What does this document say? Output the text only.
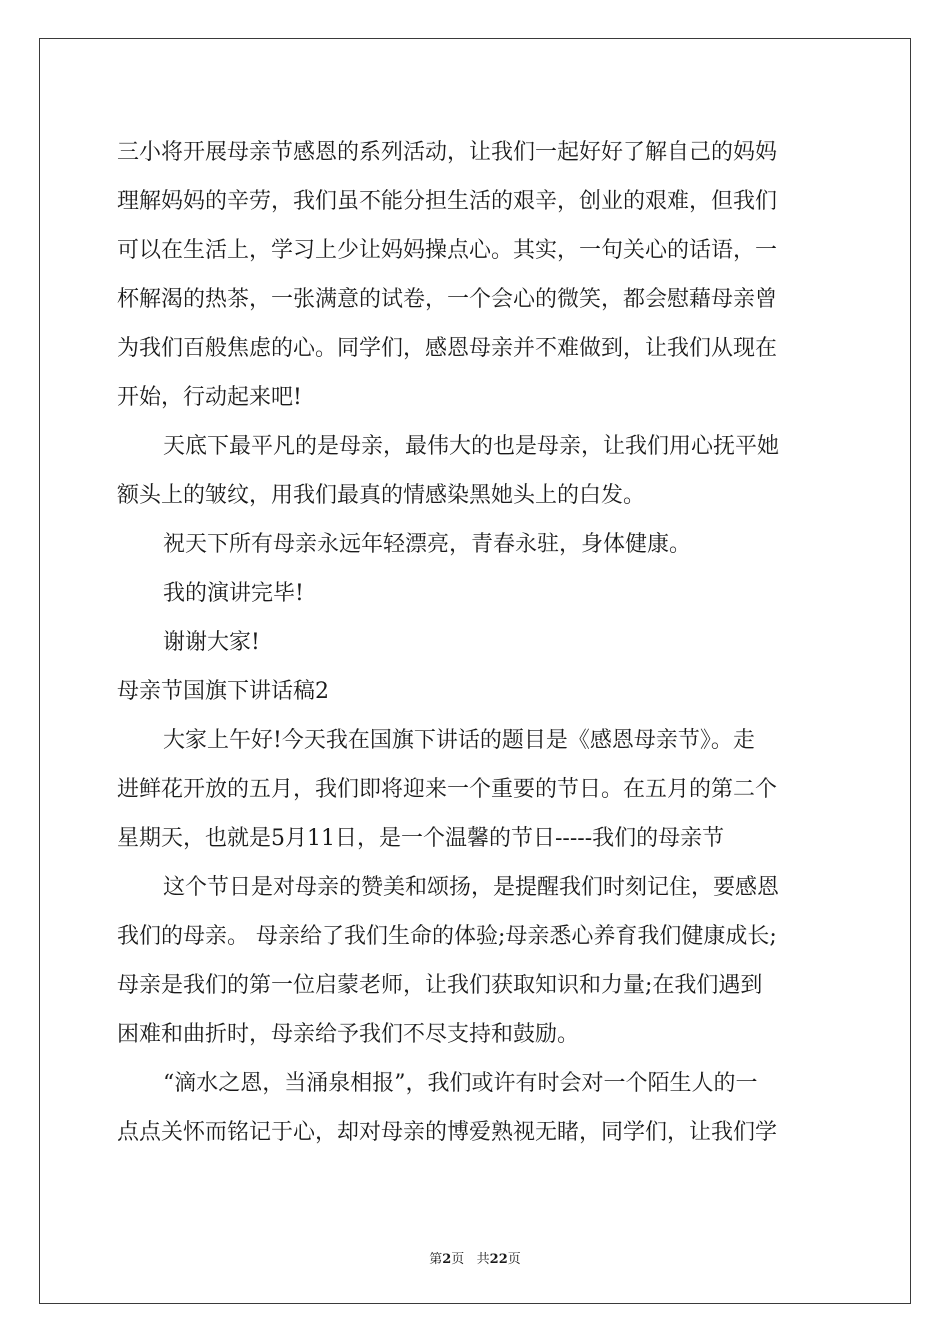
三小将开展母亲节感恩的系列活动，让我们一起好好了解自己的妈妈
理解妈妈的辛劳，我们虽不能分担生活的艰辛，创业的艰难，但我们
可以在生活上，学习上少让妈妈操点心。其实，一句关心的话语，一
杯解渴的热茶，一张满意的试卷，一个会心的微笑，都会慰藉母亲曾
为我们百般焦虑的心。同学们，感恩母亲并不难做到，让我们从现在
开始，行动起来吧!
天底下最平凡的是母亲，最伟大的也是母亲，让我们用心抚平她
额头上的皱纹，用我们最真的情感染黑她头上的白发。
祝天下所有母亲永远年轻漂亮，青春永驻，身体健康。
我的演讲完毕!
谢谢大家!
母亲节国旗下讲话稿2
大家上午好!今天我在国旗下讲话的题目是《感恩母亲节》。走
进鲜花开放的五月，我们即将迎来一个重要的节日。在五月的第二个
星期天，也就是5月11日，是一个温馨的节日-----我们的母亲节
这个节日是对母亲的赞美和颂扬，是提醒我们时刻记住，要感恩
我们的母亲。 母亲给了我们生命的体验;母亲悉心养育我们健康成长;
母亲是我们的第一位启蒙老师，让我们获取知识和力量;在我们遇到
困难和曲折时，母亲给予我们不尽支持和鼓励。
“滴水之恩，当涌泉相报”，我们或许有时会对一个陌生人的一
点点关怀而铭记于心，却对母亲的博爱熟视无睹，同学们，让我们学
第2页   共22页
